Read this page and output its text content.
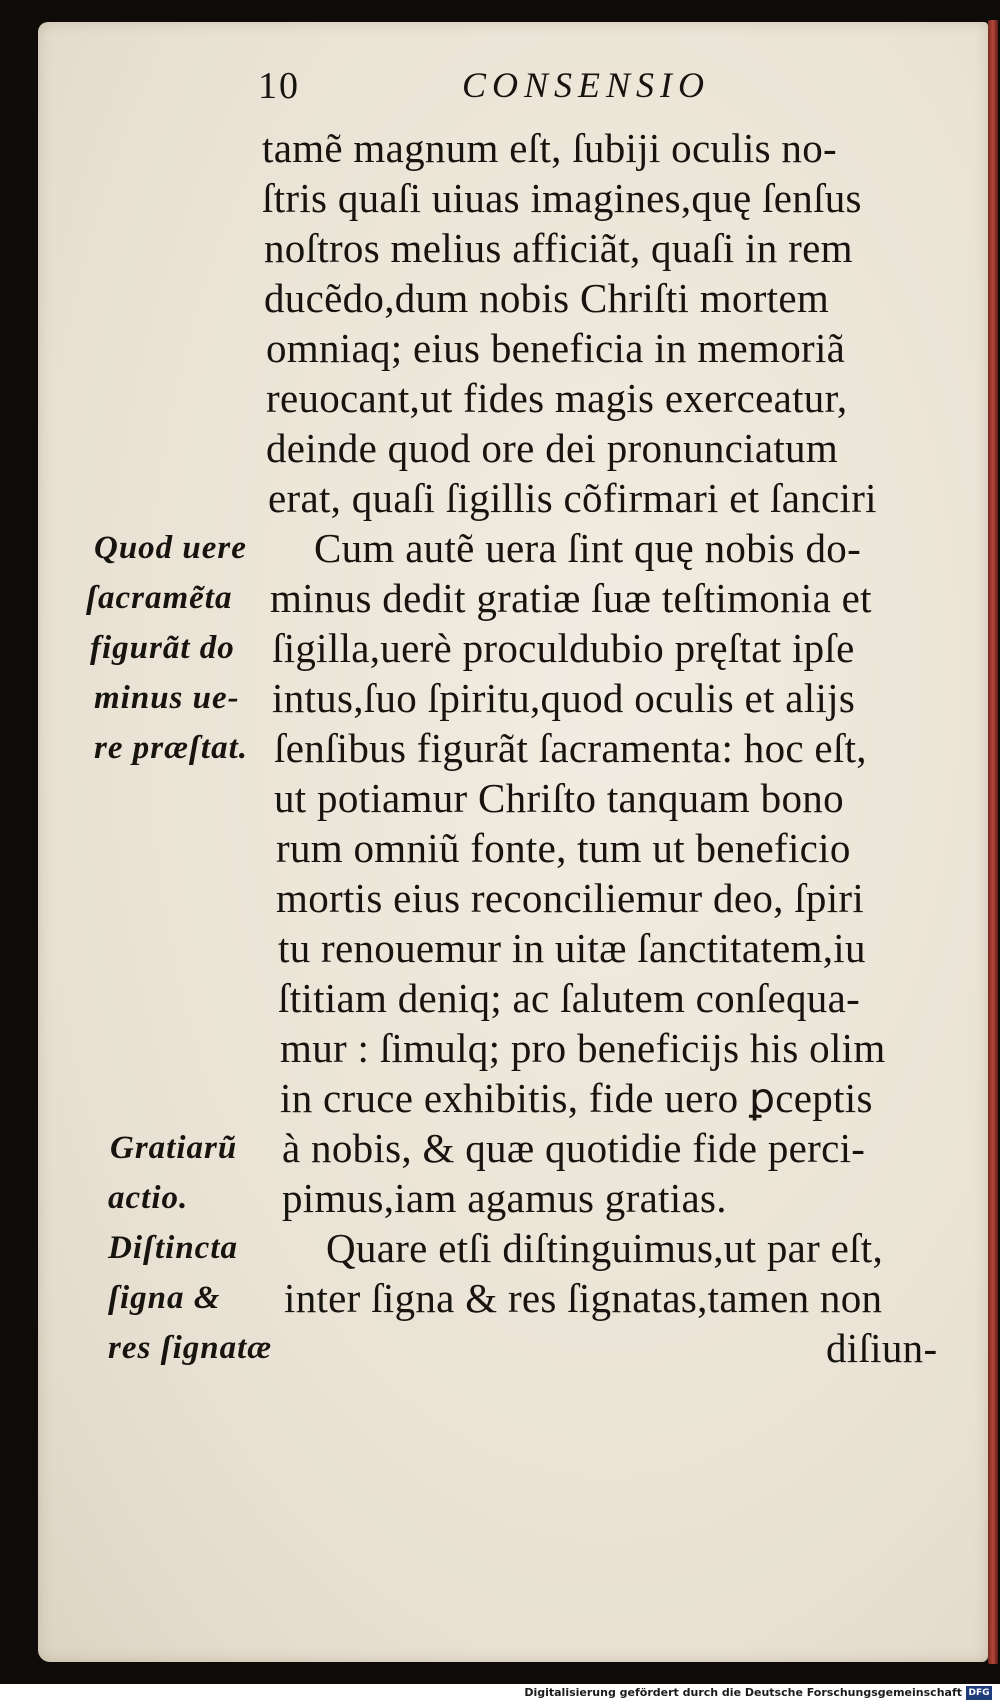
10	CONSENSIO
tamẽ magnum eſt, ſubiji oculis no-
ſtris quaſi uiuas imagines,quę ſenſus
noſtros melius afficiãt, quaſi in rem
ducẽdo,dum nobis Chriſti mortem
omniaq; eius beneficia in memoriã
reuocant,ut fides magis exerceatur,
deinde quod ore dei pronunciatum
erat, quaſi ſigillis cõfirmari et ſanciri
Cum autẽ uera ſint quę nobis do-
minus dedit gratiæ ſuæ teſtimonia et
ſigilla,uerè proculdubio pręſtat ipſe
intus,ſuo ſpiritu,quod oculis et alijs
ſenſibus figurãt ſacramenta: hoc eſt,
ut potiamur Chriſto tanquam bono
rum omniũ fonte, tum ut beneficio
mortis eius reconciliemur deo, ſpiri
tu renouemur in uitæ ſanctitatem,iu
ſtitiam deniq; ac ſalutem conſequa-
mur : ſimulq; pro beneficijs his olim
in cruce exhibitis, fide uero ꝑceptis
à nobis, & quæ quotidie fide perci-
pimus,iam agamus gratias.
Quare etſi diſtinguimus,ut par eſt,
inter ſigna & res ſignatas,tamen non
diſiun-
Quod uere
ſacramẽta
figurãt do
minus ue-
re præſtat.
Gratiarũ
actio.
Diſtincta
ſigna &
res ſignatæ
Digitalisierung gefördert durch die Deutsche Forschungsgemeinschaft DFG
